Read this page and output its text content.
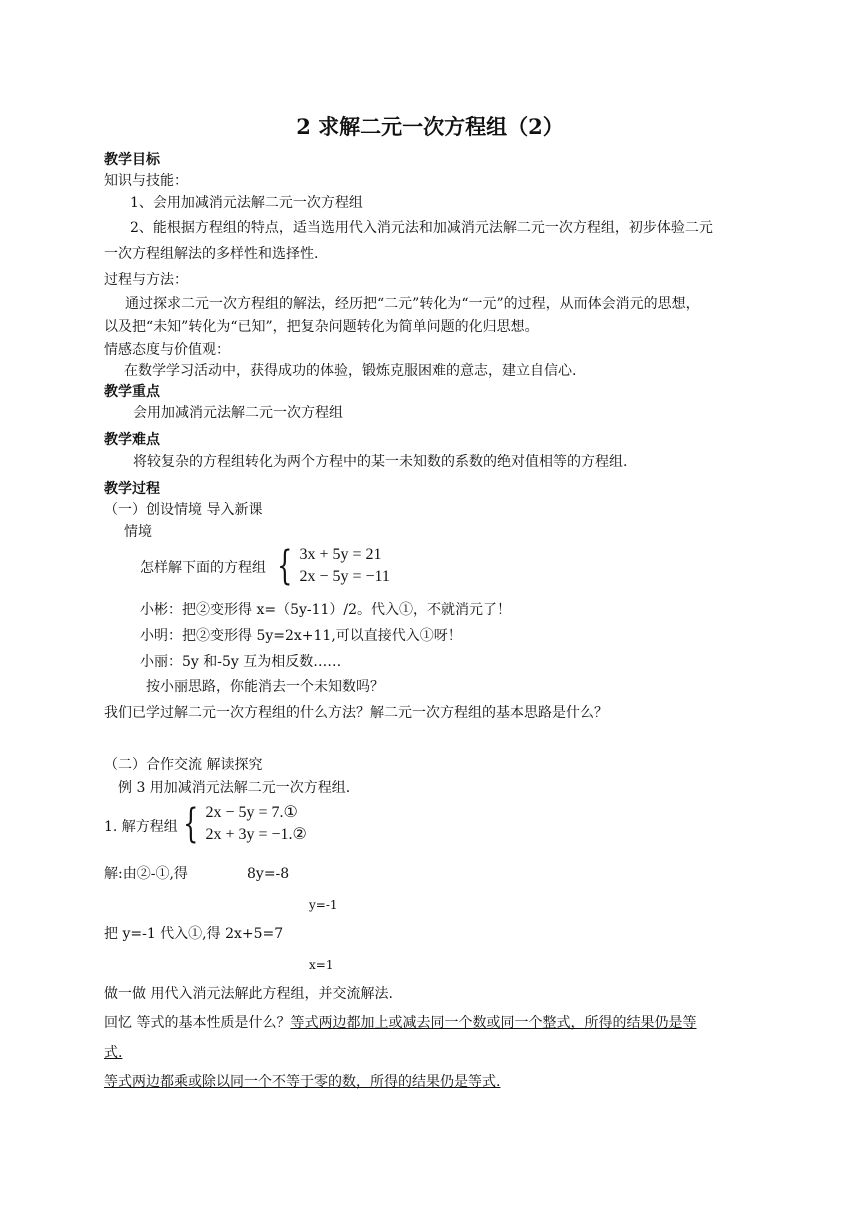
2 求解二元一次方程组（2）
教学目标
知识与技能：
1、会用加减消元法解二元一次方程组
2、能根据方程组的特点，适当选用代入消元法和加减消元法解二元一次方程组，初步体验二元
一次方程组解法的多样性和选择性.
过程与方法：
通过探求二元一次方程组的解法，经历把“二元”转化为“一元”的过程，从而体会消元的思想，
以及把“未知”转化为“已知”，把复杂问题转化为简单问题的化归思想。
情感态度与价值观：
在数学学习活动中，获得成功的体验，锻炼克服困难的意志，建立自信心.
教学重点
会用加减消元法解二元一次方程组
教学难点
将较复杂的方程组转化为两个方程中的某一未知数的系数的绝对值相等的方程组.
教学过程
（一）创设情境 导入新课
情境
怎样解下面的方程组 { 3x + 5y = 21
2x − 5y = −11
小彬：把②变形得 x=（5y-11）/2。代入①，不就消元了！
小明：把②变形得 5y=2x+11,可以直接代入①呀！
小丽：5y 和-5y 互为相反数……
按小丽思路，你能消去一个未知数吗？
我们已学过解二元一次方程组的什么方法？解二元一次方程组的基本思路是什么？
（二）合作交流 解读探究
例 3 用加减消元法解二元一次方程组.
1. 解方程组 { 2x − 5y = 7.①
2x + 3y = −1.②
解:由②-①,得	8y=-8
y=-1
把 y=-1 代入①,得 2x+5=7
x=1
做一做 用代入消元法解此方程组，并交流解法.
回忆 等式的基本性质是什么？等式两边都加上或减去同一个数或同一个整式，所得的结果仍是等
式.
等式两边都乘或除以同一个不等于零的数，所得的结果仍是等式.
